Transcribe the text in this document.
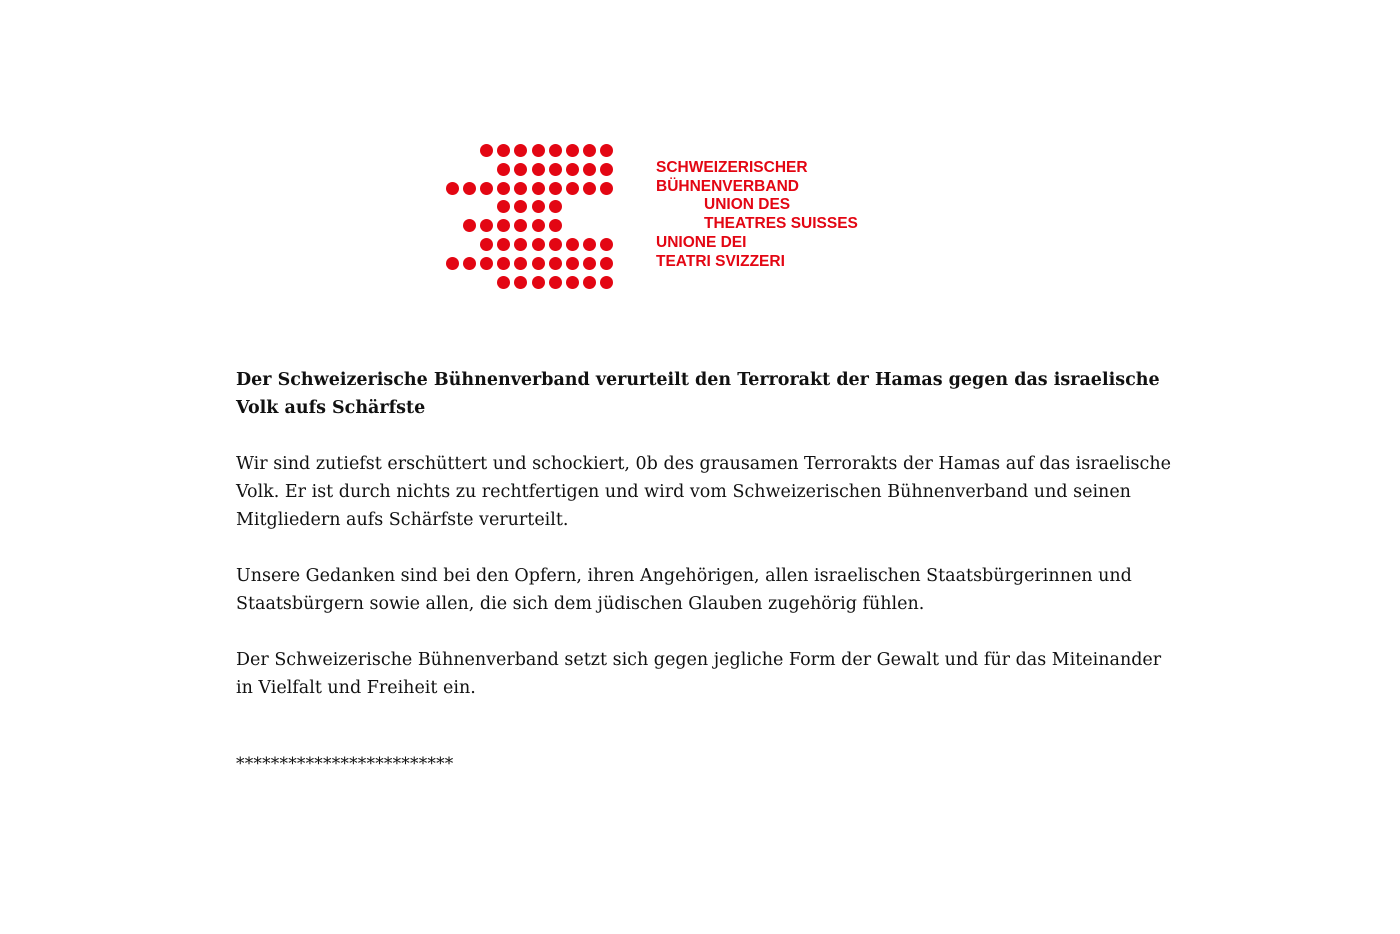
SCHWEIZERISCHER
BÜHNENVERBAND
UNION DES
THEATRES SUISSES
UNIONE DEI
TEATRI SVIZZERI

Der Schweizerische Bühnenverband verurteilt den Terrorakt der Hamas gegen das israelische Volk aufs Schärfste

Wir sind zutiefst erschüttert und schockiert, 0b des grausamen Terrorakts der Hamas auf das israelische Volk. Er ist durch nichts zu rechtfertigen und wird vom Schweizerischen Bühnenverband und seinen Mitgliedern aufs Schärfste verurteilt.

Unsere Gedanken sind bei den Opfern, ihren Angehörigen, allen israelischen Staatsbürgerinnen und Staatsbürgern sowie allen, die sich dem jüdischen Glauben zugehörig fühlen.

Der Schweizerische Bühnenverband setzt sich gegen jegliche Form der Gewalt und für das Miteinander in Vielfalt und Freiheit ein.

*************************
